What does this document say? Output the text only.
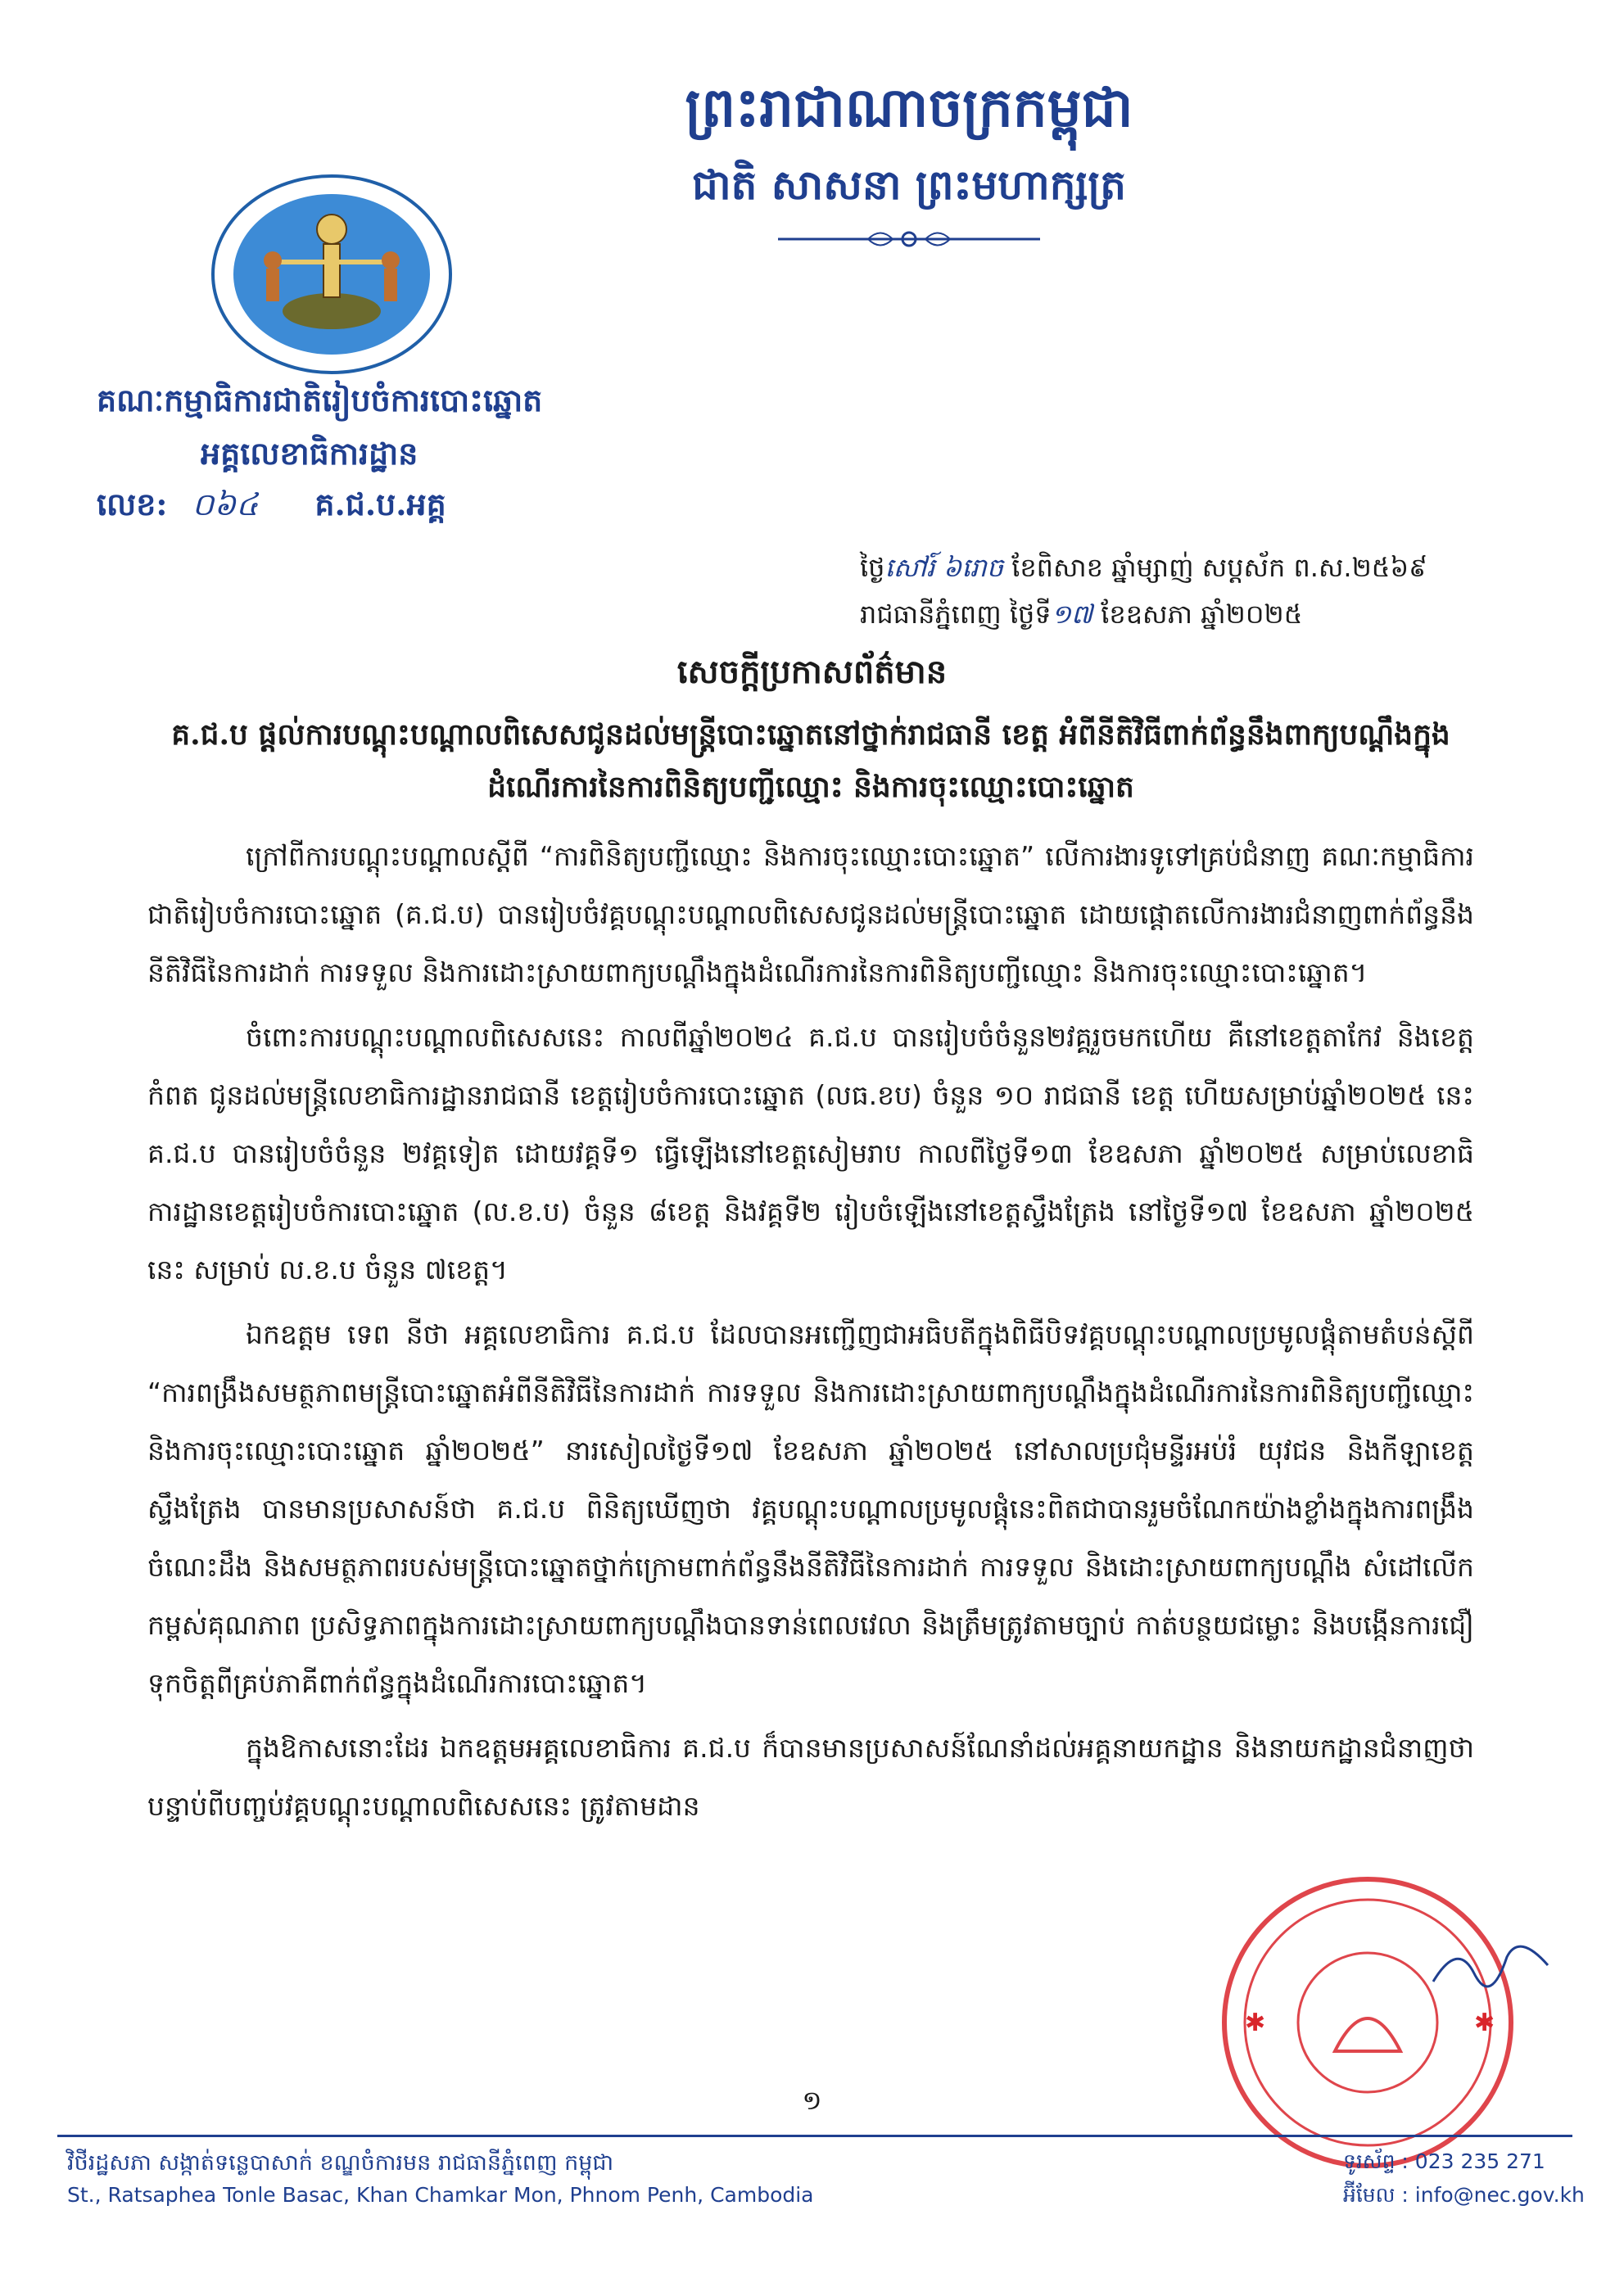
ព្រះរាជាណាចក្រកម្ពុជា
ជាតិ សាសនា ព្រះមហាក្សត្រ
គណៈកម្មាធិការជាតិរៀបចំការបោះឆ្នោត
អគ្គលេខាធិការដ្ឋាន
លេខ: ០៦៤	គ.ជ.ប.អគ្គ
ថ្ងៃសៅរ៍ ៦រោច ខែពិសាខ ឆ្នាំម្សាញ់ សប្តស័ក ព.ស.២៥៦៩
រាជធានីភ្នំពេញ ថ្ងៃទី១៧ ខែឧសភា ឆ្នាំ២០២៥
សេចក្តីប្រកាសព័ត៌មាន
គ.ជ.ប ផ្តល់ការបណ្តុះបណ្តាលពិសេសជូនដល់មន្ត្រីបោះឆ្នោតនៅថ្នាក់រាជធានី ខេត្ត អំពីនីតិវិធីពាក់ព័ន្ធនឹងពាក្យបណ្តឹងក្នុងដំណើរការនៃការពិនិត្យបញ្ជីឈ្មោះ និងការចុះឈ្មោះបោះឆ្នោត

ក្រៅពីការបណ្តុះបណ្តាលស្តីពី “ការពិនិត្យបញ្ជីឈ្មោះ និងការចុះឈ្មោះបោះឆ្នោត” លើការងារទូទៅគ្រប់ជំនាញ គណៈកម្មាធិការជាតិរៀបចំការបោះឆ្នោត (គ.ជ.ប) បានរៀបចំវគ្គបណ្តុះបណ្តាលពិសេសជូនដល់មន្ត្រីបោះឆ្នោត ដោយផ្តោតលើការងារជំនាញពាក់ព័ន្ធនឹងនីតិវិធីនៃការដាក់ ការទទួល និងការដោះស្រាយពាក្យបណ្តឹងក្នុងដំណើរការនៃការពិនិត្យបញ្ជីឈ្មោះ និងការចុះឈ្មោះបោះឆ្នោត។

ចំពោះការបណ្តុះបណ្តាលពិសេសនេះ កាលពីឆ្នាំ២០២៤ គ.ជ.ប បានរៀបចំចំនួន២វគ្គរួចមកហើយ គឺនៅខេត្តតាកែវ និងខេត្តកំពត ជូនដល់មន្ត្រីលេខាធិការដ្ឋានរាជធានី ខេត្តរៀបចំការបោះឆ្នោត (លធ.ខប) ចំនួន ១០ រាជធានី ខេត្ត ហើយសម្រាប់ឆ្នាំ២០២៥ នេះ គ.ជ.ប បានរៀបចំចំនួន ២វគ្គទៀត ដោយវគ្គទី១ ធ្វើឡើងនៅខេត្តសៀមរាប កាលពីថ្ងៃទី១៣ ខែឧសភា ឆ្នាំ២០២៥ សម្រាប់លេខាធិការដ្ឋានខេត្តរៀបចំការបោះឆ្នោត (ល.ខ.ប) ចំនួន ៨ខេត្ត និងវគ្គទី២ រៀបចំឡើងនៅខេត្តស្ទឹងត្រែង នៅថ្ងៃទី១៧ ខែឧសភា ឆ្នាំ២០២៥ នេះ សម្រាប់ ល.ខ.ប ចំនួន ៧ខេត្ត។

ឯកឧត្តម ទេព នីថា អគ្គលេខាធិការ គ.ជ.ប ដែលបានអញ្ជើញជាអធិបតីក្នុងពិធីបិទវគ្គបណ្តុះបណ្តាលប្រមូលផ្តុំតាមតំបន់ស្តីពី “ការពង្រឹងសមត្ថភាពមន្ត្រីបោះឆ្នោតអំពីនីតិវិធីនៃការដាក់ ការទទួល និងការដោះស្រាយពាក្យបណ្តឹងក្នុងដំណើរការនៃការពិនិត្យបញ្ជីឈ្មោះ និងការចុះឈ្មោះបោះឆ្នោត ឆ្នាំ២០២៥” នារសៀលថ្ងៃទី១៧ ខែឧសភា ឆ្នាំ២០២៥ នៅសាលប្រជុំមន្ទីរអប់រំ យុវជន និងកីឡាខេត្តស្ទឹងត្រែង បានមានប្រសាសន៍ថា គ.ជ.ប ពិនិត្យឃើញថា វគ្គបណ្តុះបណ្តាលប្រមូលផ្តុំនេះពិតជាបានរួមចំណែកយ៉ាងខ្លាំងក្នុងការពង្រឹងចំណេះដឹង និងសមត្ថភាពរបស់មន្ត្រីបោះឆ្នោតថ្នាក់ក្រោមពាក់ព័ន្ធនឹងនីតិវិធីនៃការដាក់ ការទទួល និងដោះស្រាយពាក្យបណ្តឹង សំដៅលើកកម្ពស់គុណភាព ប្រសិទ្ធភាពក្នុងការដោះស្រាយពាក្យបណ្តឹងបានទាន់ពេលវេលា និងត្រឹមត្រូវតាមច្បាប់ កាត់បន្ថយជម្លោះ និងបង្កើនការជឿទុកចិត្តពីគ្រប់ភាគីពាក់ព័ន្ធក្នុងដំណើរការបោះឆ្នោត។

ក្នុងឱកាសនោះដែរ ឯកឧត្តមអគ្គលេខាធិការ គ.ជ.ប ក៏បានមានប្រសាសន៍ណែនាំដល់អគ្គនាយកដ្ឋាន និងនាយកដ្ឋានជំនាញថា បន្ទាប់ពីបញ្ចប់វគ្គបណ្តុះបណ្តាលពិសេសនេះ ត្រូវតាមដាន

✱	✱
១
វិថីរដ្ឋសភា សង្កាត់ទន្លេបាសាក់ ខណ្ឌចំការមន រាជធានីភ្នំពេញ កម្ពុជា
St., Ratsaphea Tonle Basac, Khan Chamkar Mon, Phnom Penh, Cambodia
ទូរស័ព្ទ : 023 235 271
អ៊ីមែល : info@nec.gov.kh
